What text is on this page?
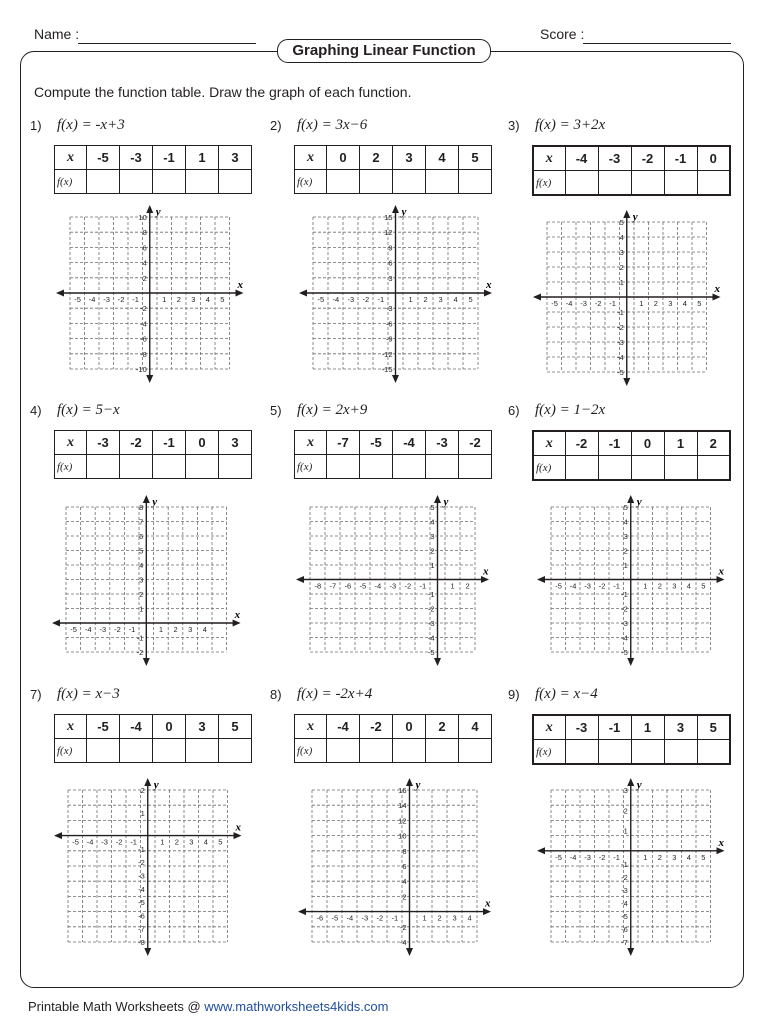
Name :	Score :
Graphing Linear Function
Compute the function table. Draw the graph of each function.
1) f(x) = -x+3
x	-5	-3	-1	1	3
f(x)					
x
y
-5 -4 -3 -2 -1	1 2 3 4 5
2
4
6
8
10
-2
-4
-6
-8
-10
2) f(x) = 3x−6
x	0	2	3	4	5
f(x)					
x
y
-5 -4 -3 -2 -1	1 2 3 4 5
3
6
9
12
15
-3
-6
-9
-12
-15
3) f(x) = 3+2x
x	-4	-3	-2	-1	0
f(x)					
x
y
-5 -4 -3 -2 -1	1 2 3 4 5
1
2
3
4
5
-1
-2
-3
-4
-5
4) f(x) = 5−x
x	-3	-2	-1	0	3
f(x)					
x
y
-5 -4 -3 -2 -1	1 2 3 4
1
2
3
4
5
6
7
8
-1
-2
5) f(x) = 2x+9
x	-7	-5	-4	-3	-2
f(x)					
x
y
-8 -7 -6 -5 -4 -3 -2 -1	1 2
1
2
3
4
5
-1
-2
-3
-4
-5
6) f(x) = 1−2x
x	-2	-1	0	1	2
f(x)					
x
y
-5 -4 -3 -2 -1	1 2 3 4 5
1
2
3
4
5
-1
-2
-3
-4
-5
7) f(x) = x−3
x	-5	-4	0	3	5
f(x)					
x
y
-5 -4 -3 -2 -1	1 2 3 4 5
1
2
-1
-2
-3
-4
-5
-6
-7
-8
8) f(x) = -2x+4
x	-4	-2	0	2	4
f(x)					
x
y
-6 -5 -4 -3 -2 -1	1 2 3 4
2
4
6
8
10
12
14
16
-2
-4
9) f(x) = x−4
x	-3	-1	1	3	5
f(x)					
x
y
-5 -4 -3 -2 -1	1 2 3 4 5
1
2
3
-1
-2
-3
-4
-5
-6
-7
Printable Math Worksheets @ www.mathworksheets4kids.com
